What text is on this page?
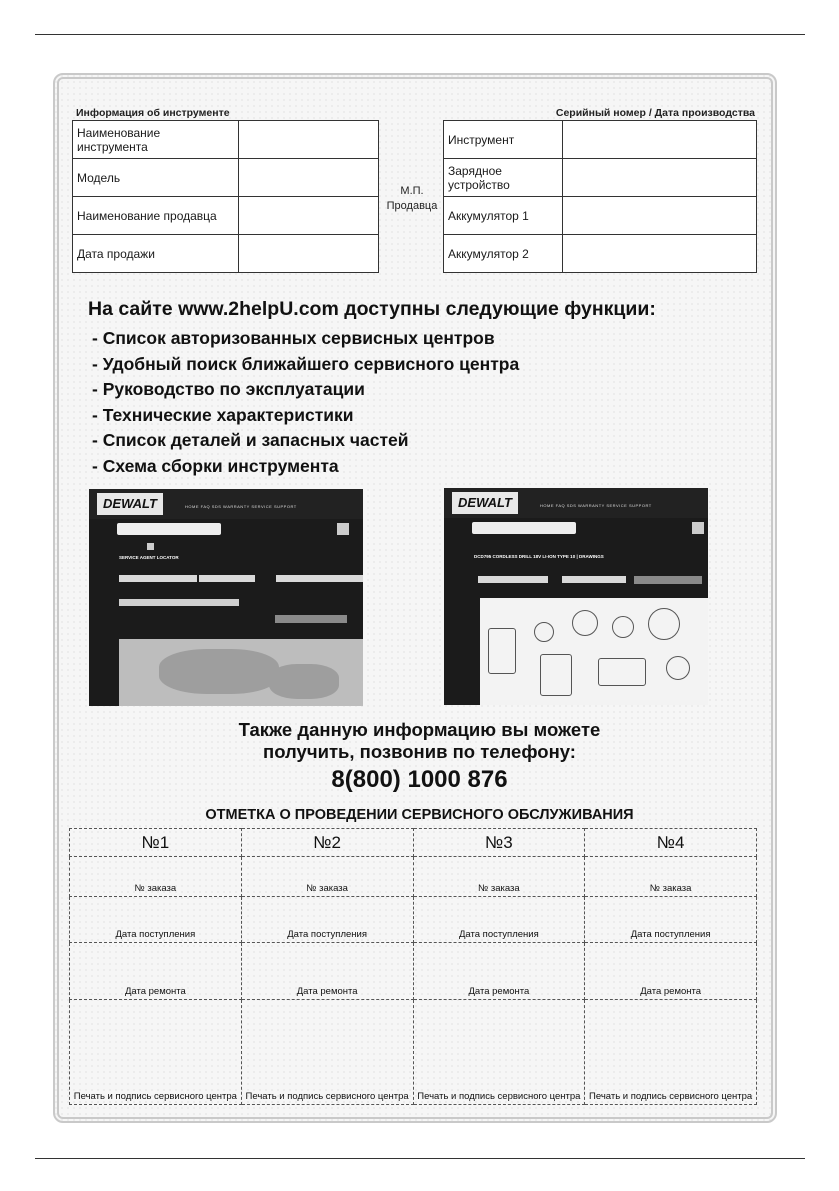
Информация об инструменте	Серийный номер / Дата производства
Наименование инструмента	
Модель	
Наименование продавца	
Дата продажи	
М.П.
Продавца
Инструмент	
Зарядное устройство	
Аккумулятор 1	
Аккумулятор 2	
На сайте www.2helpU.com доступны следующие функции:
- Список авторизованных сервисных центров
- Удобный поиск ближайшего сервисного центра
- Руководство по эксплуатации
- Технические характеристики
- Список деталей и запасных частей
- Схема сборки инструмента
DEWALT	HOME FAQ SDS WARRANTY SERVICE SUPPORT
SERVICE AGENT LOCATOR
DEWALT	HOME FAQ SDS WARRANTY SERVICE SUPPORT
DCD795 CORDLESS DRILL 18V LI-ION TYPE 10 | DRAWINGS
Также данную информацию вы можете
получить, позвонив по телефону:
8(800) 1000 876
ОТМЕТКА О ПРОВЕДЕНИИ СЕРВИСНОГО ОБСЛУЖИВАНИЯ
№1	№2	№3	№4
№ заказа	№ заказа	№ заказа	№ заказа
Дата поступления	Дата поступления	Дата поступления	Дата поступления
Дата ремонта	Дата ремонта	Дата ремонта	Дата ремонта
Печать и подпись сервисного центра	Печать и подпись сервисного центра	Печать и подпись сервисного центра	Печать и подпись сервисного центра
